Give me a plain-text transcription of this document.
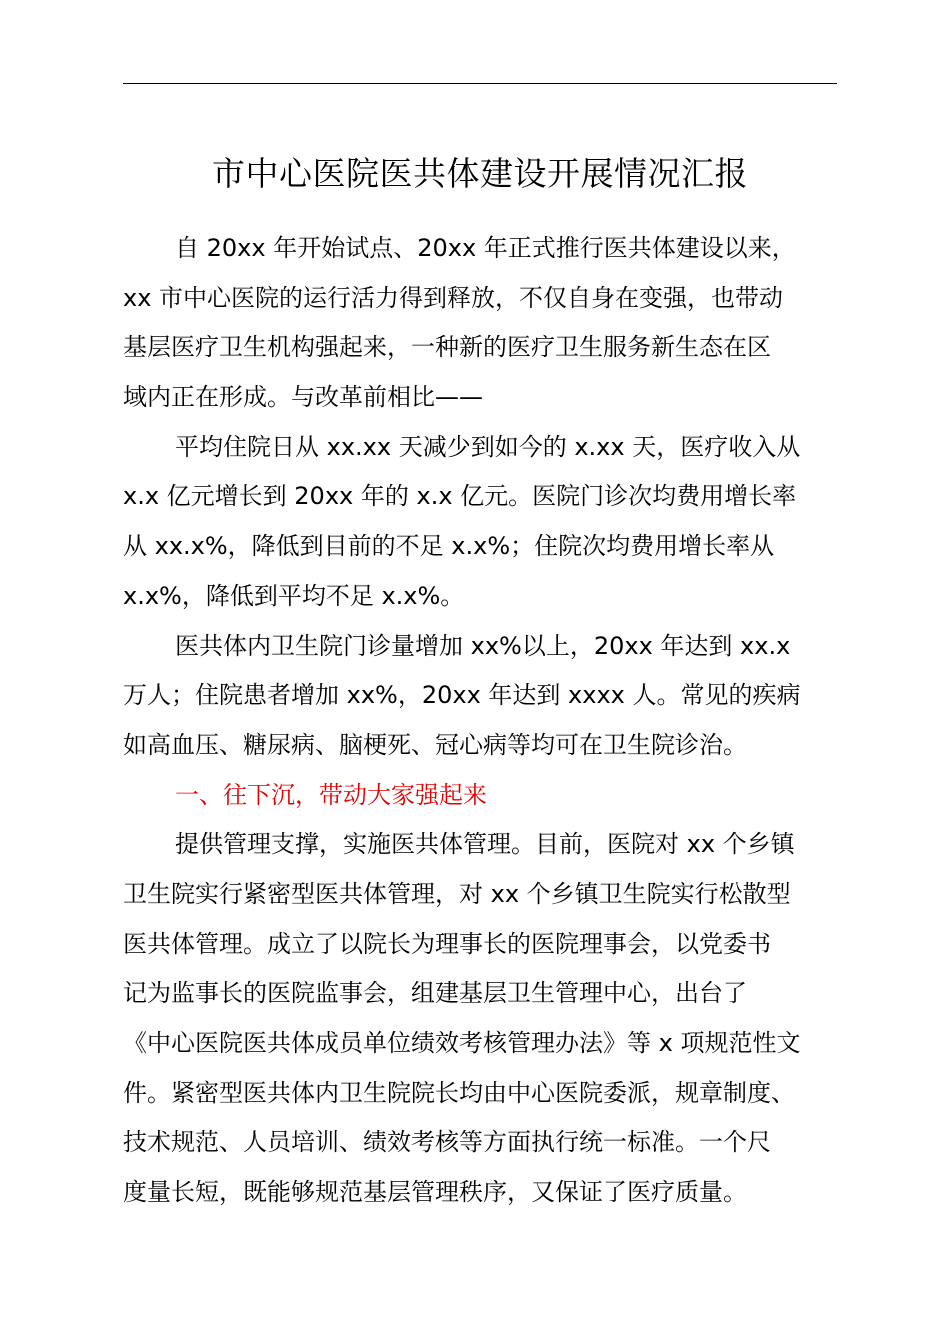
市中心医院医共体建设开展情况汇报

自 20xx 年开始试点、20xx 年正式推行医共体建设以来，
xx 市中心医院的运行活力得到释放，不仅自身在变强，也带动
基层医疗卫生机构强起来，一种新的医疗卫生服务新生态在区
域内正在形成。与改革前相比——

平均住院日从 xx.xx 天减少到如今的 x.xx 天，医疗收入从
x.x 亿元增长到 20xx 年的 x.x 亿元。医院门诊次均费用增长率
从 xx.x%，降低到目前的不足 x.x%；住院次均费用增长率从
x.x%，降低到平均不足 x.x%。

医共体内卫生院门诊量增加 xx%以上，20xx 年达到 xx.x
万人；住院患者增加 xx%，20xx 年达到 xxxx 人。常见的疾病
如高血压、糖尿病、脑梗死、冠心病等均可在卫生院诊治。

一、往下沉，带动大家强起来

提供管理支撑，实施医共体管理。目前，医院对 xx 个乡镇
卫生院实行紧密型医共体管理，对 xx 个乡镇卫生院实行松散型
医共体管理。成立了以院长为理事长的医院理事会，以党委书
记为监事长的医院监事会，组建基层卫生管理中心，出台了
《中心医院医共体成员单位绩效考核管理办法》等 x 项规范性文
件。紧密型医共体内卫生院院长均由中心医院委派，规章制度、
技术规范、人员培训、绩效考核等方面执行统一标准。一个尺
度量长短，既能够规范基层管理秩序，又保证了医疗质量。
